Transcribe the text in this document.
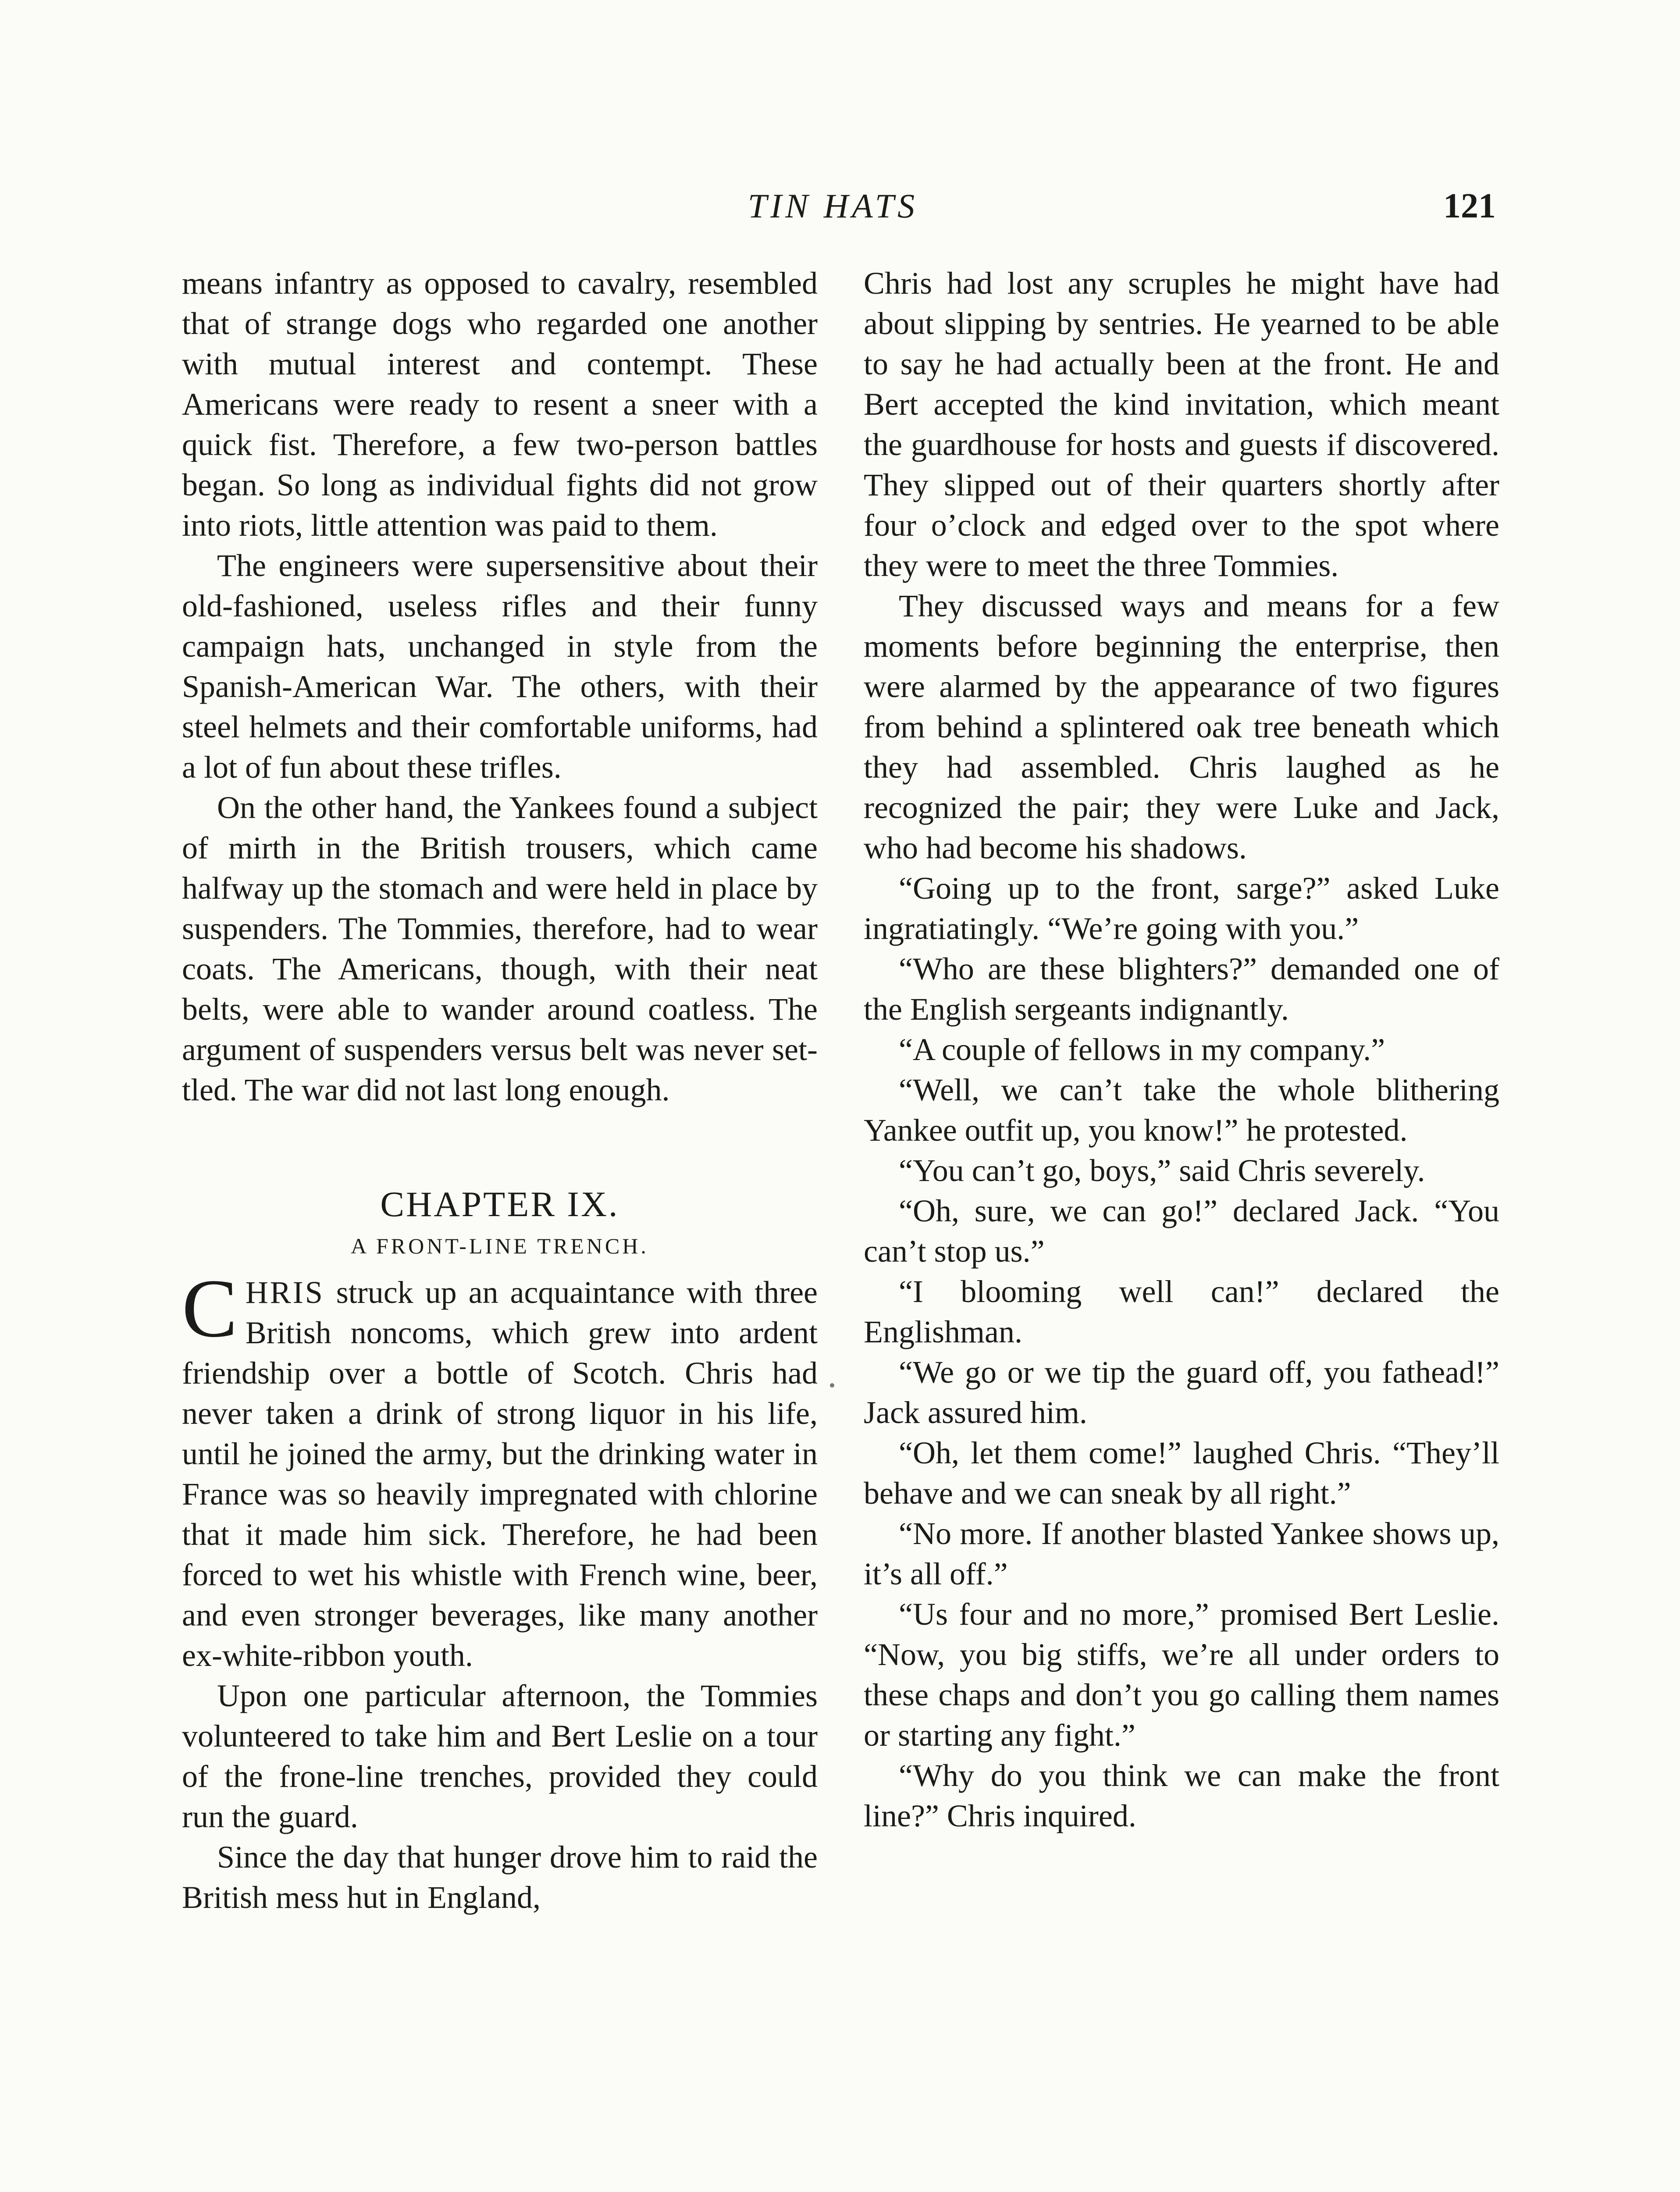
TIN HATS	121

means infantry as opposed to cavalry, resembled that of strange dogs who regarded one another with mutual interest and contempt. These Americans were ready to resent a sneer with a quick fist. Therefore, a few two-person battles began. So long as individual fights did not grow into riots, little attention was paid to them.

The engineers were supersensitive about their old-fashioned, useless rifles and their funny campaign hats, unchanged in style from the Spanish-American War. The others, with their steel helmets and their comfortable uniforms, had a lot of fun about these trifles.

On the other hand, the Yankees found a subject of mirth in the British trousers, which came halfway up the stomach and were held in place by suspenders. The Tommies, therefore, had to wear coats. The Americans, though, with their neat belts, were able to wander around coatless. The argument of suspenders versus belt was never settled. The war did not last long enough.

CHAPTER IX.
A FRONT-LINE TRENCH.

CHRIS struck up an acquaintance with three British noncoms, which grew into ardent friendship over a bottle of Scotch. Chris had never taken a drink of strong liquor in his life, until he joined the army, but the drinking water in France was so heavily impregnated with chlorine that it made him sick. Therefore, he had been forced to wet his whistle with French wine, beer, and even stronger beverages, like many another ex-white-ribbon youth.

Upon one particular afternoon, the Tommies volunteered to take him and Bert Leslie on a tour of the frone-line trenches, provided they could run the guard.

Since the day that hunger drove him to raid the British mess hut in England,

Chris had lost any scruples he might have had about slipping by sentries. He yearned to be able to say he had actually been at the front. He and Bert accepted the kind invitation, which meant the guardhouse for hosts and guests if discovered. They slipped out of their quarters shortly after four o’clock and edged over to the spot where they were to meet the three Tommies.

They discussed ways and means for a few moments before beginning the enterprise, then were alarmed by the appearance of two figures from behind a splintered oak tree beneath which they had assembled. Chris laughed as he recognized the pair; they were Luke and Jack, who had become his shadows.

“Going up to the front, sarge?” asked Luke ingratiatingly. “We’re going with you.”

“Who are these blighters?” demanded one of the English sergeants indignantly.

“A couple of fellows in my company.”

“Well, we can’t take the whole blithering Yankee outfit up, you know!” he protested.

“You can’t go, boys,” said Chris severely.

“Oh, sure, we can go!” declared Jack. “You can’t stop us.”

“I blooming well can!” declared the Englishman.

“We go or we tip the guard off, you fathead!” Jack assured him.

“Oh, let them come!” laughed Chris. “They’ll behave and we can sneak by all right.”

“No more. If another blasted Yankee shows up, it’s all off.”

“Us four and no more,” promised Bert Leslie. “Now, you big stiffs, we’re all under orders to these chaps and don’t you go calling them names or starting any fight.”

“Why do you think we can make the front line?” Chris inquired.
